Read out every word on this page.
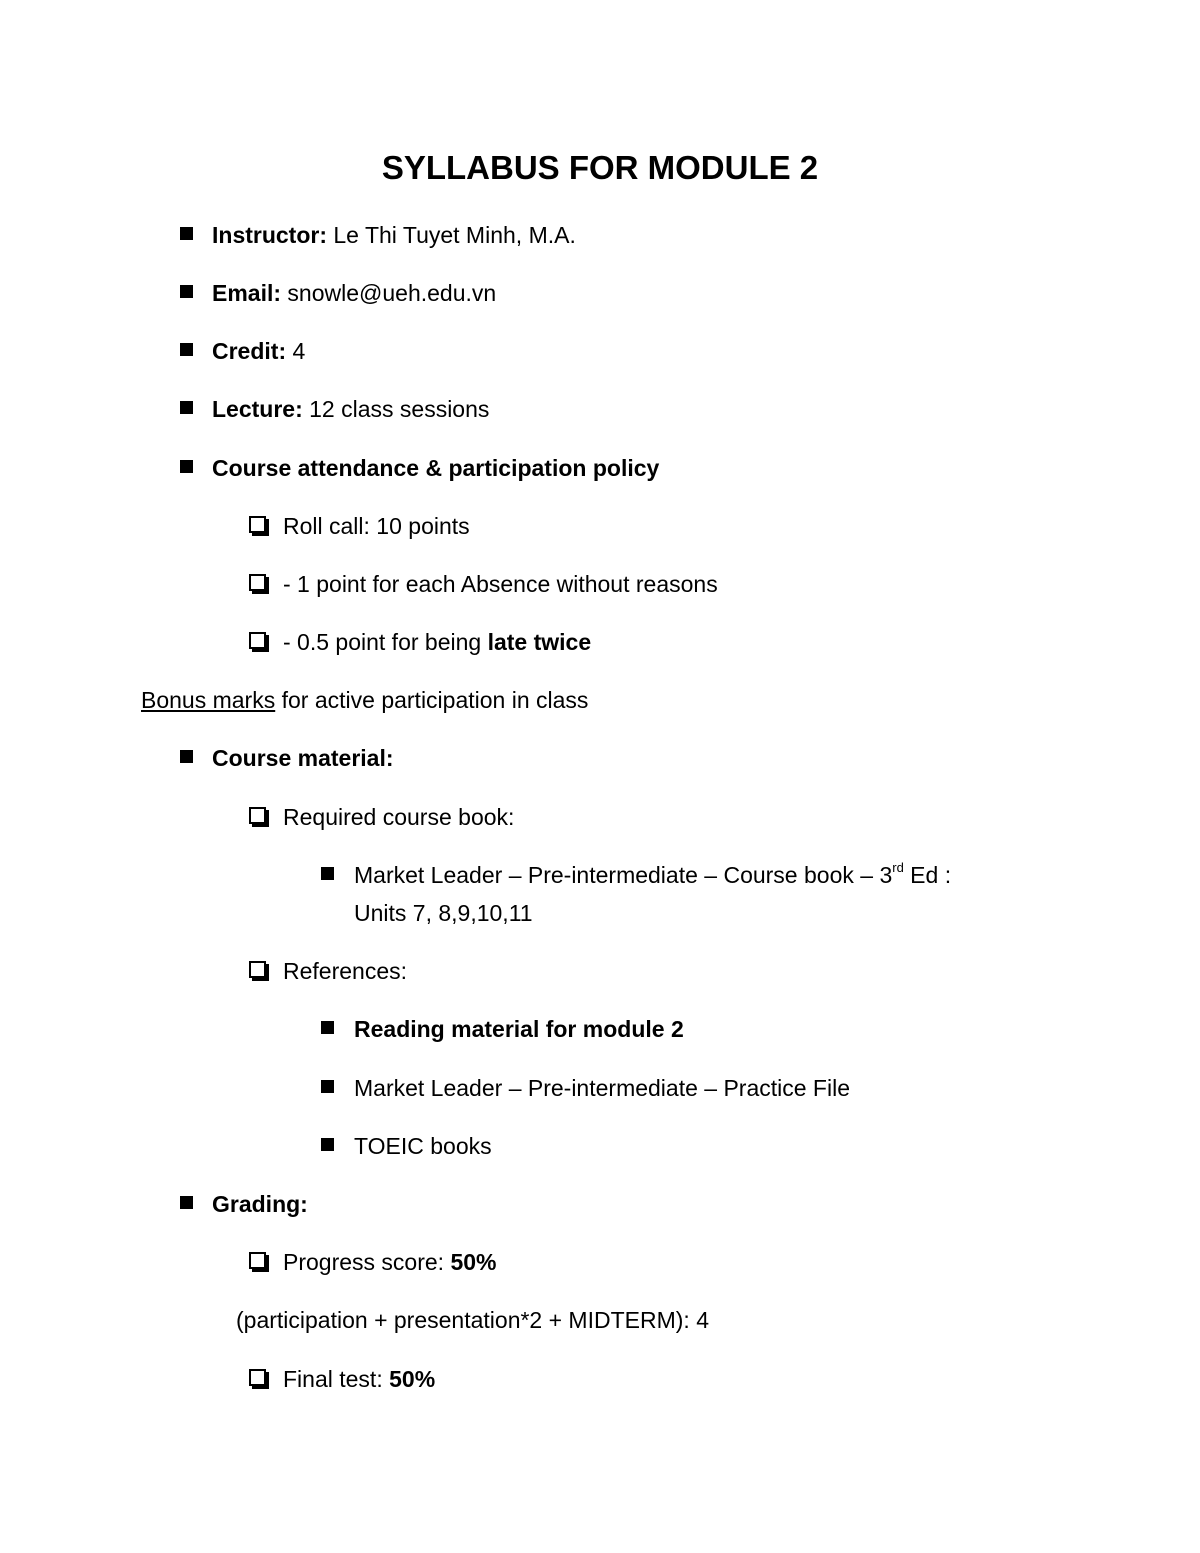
SYLLABUS FOR MODULE 2
Instructor: Le Thi Tuyet Minh, M.A.
Email: snowle@ueh.edu.vn
Credit: 4
Lecture: 12 class sessions
Course attendance & participation policy
Roll call: 10 points
- 1 point for each Absence without reasons
- 0.5 point for being late twice
Bonus marks for active participation in class
Course material:
Required course book:
Market Leader – Pre-intermediate – Course book – 3rd Ed :
Units 7, 8,9,10,11
References:
Reading material for module 2
Market Leader – Pre-intermediate – Practice File
TOEIC books
Grading:
Progress score: 50%
(participation + presentation*2 + MIDTERM): 4
Final test: 50%
